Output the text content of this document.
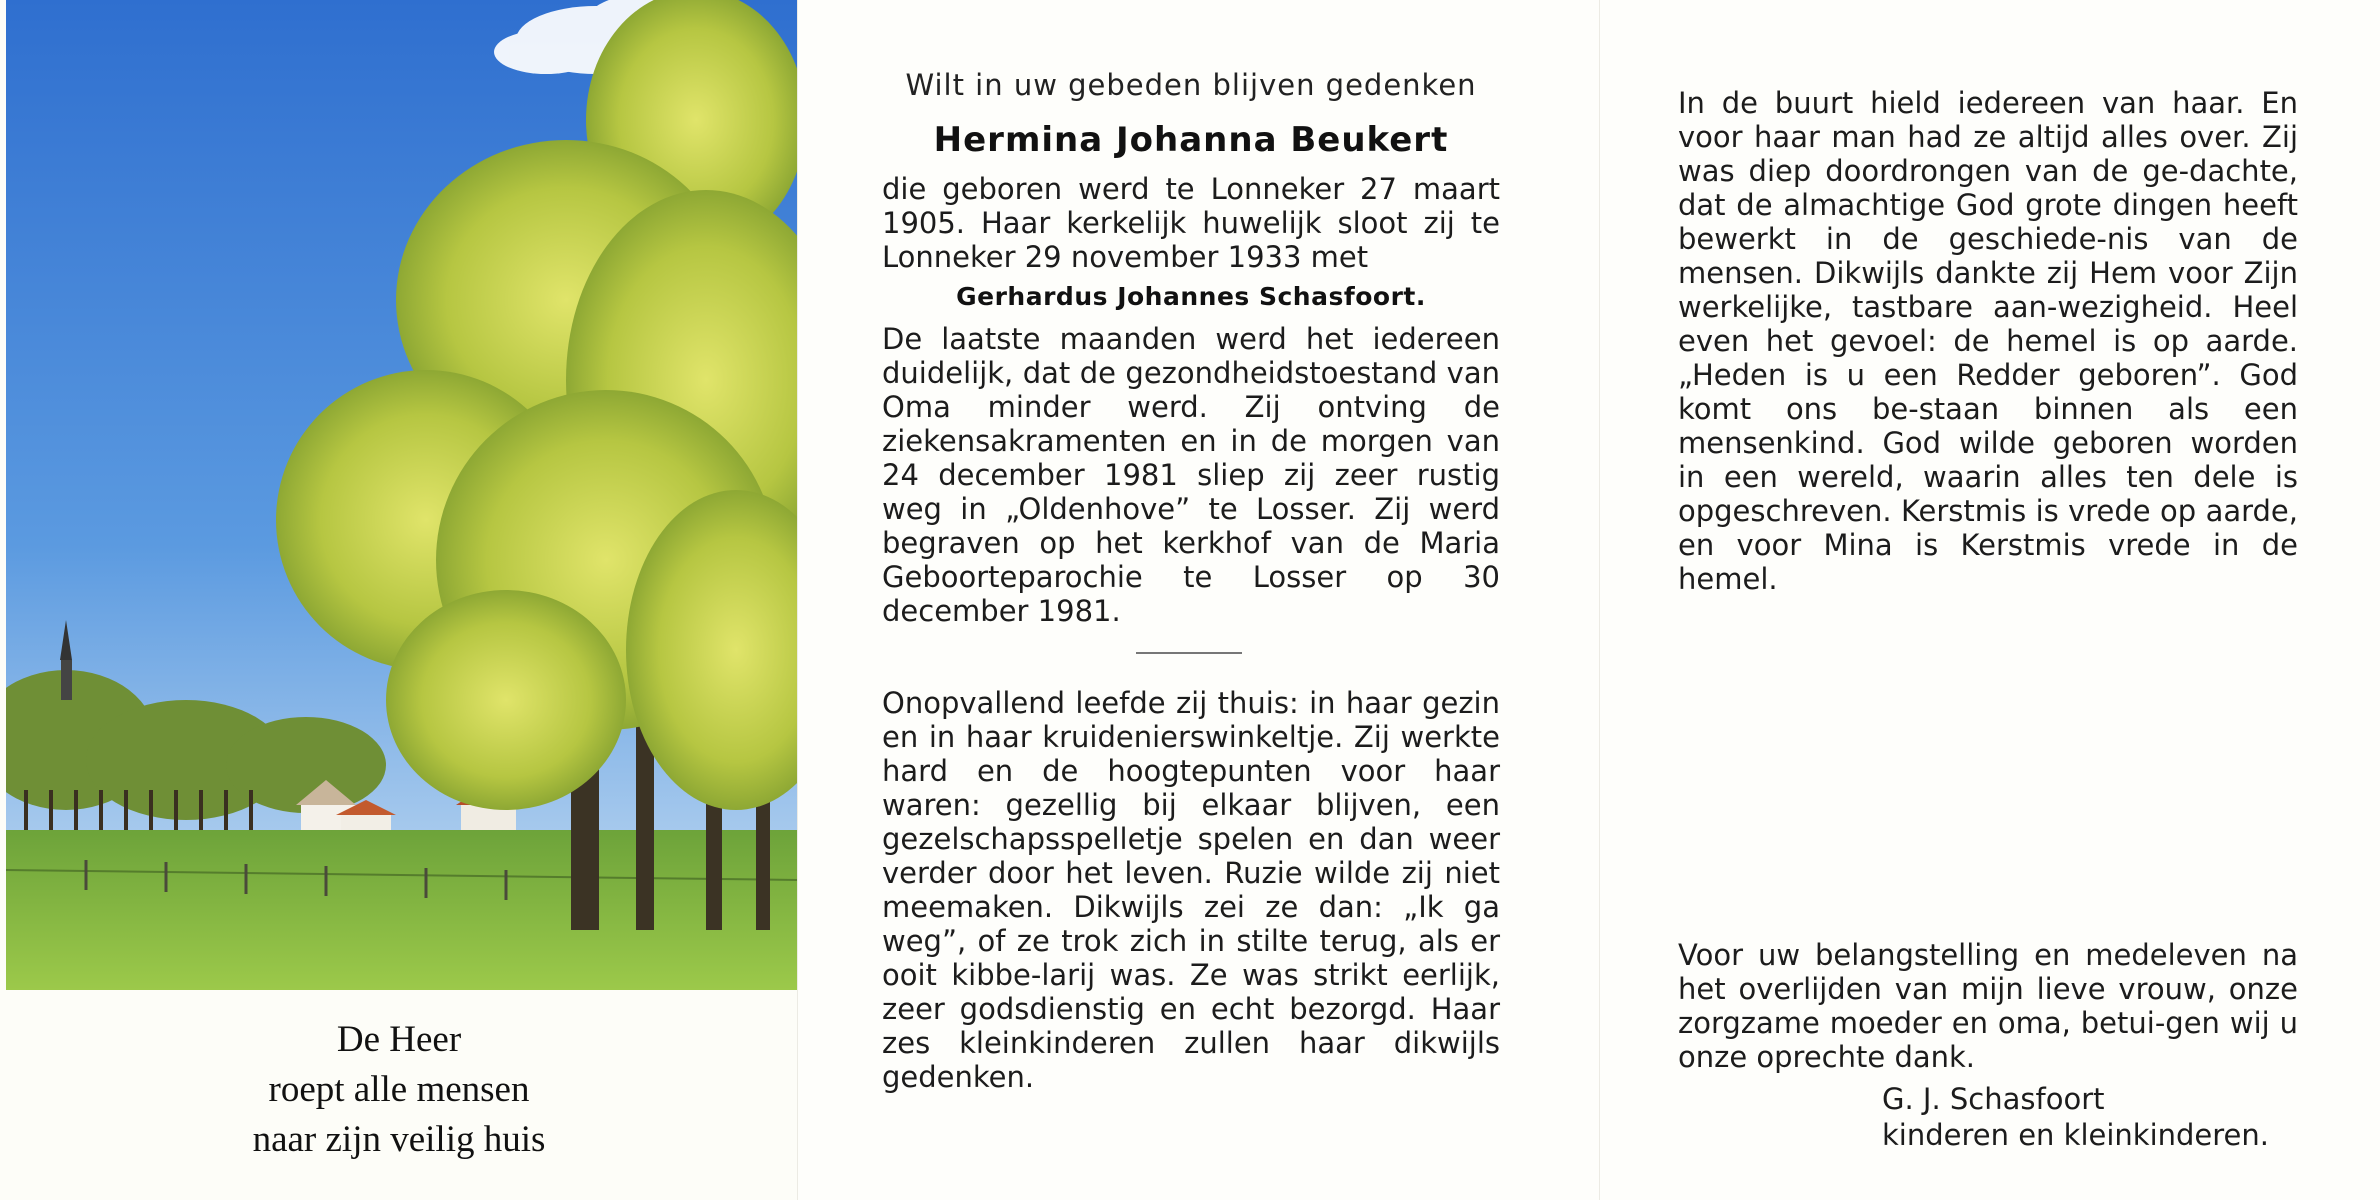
De Heer
roept alle mensen
naar zijn veilig huis
Wilt in uw gebeden blijven gedenken
Hermina Johanna Beukert

die geboren werd te Lonneker 27 maart 1905. Haar kerkelijk huwelijk sloot zij te Lonneker 29 november 1933 met

Gerhardus Johannes Schasfoort.

De laatste maanden werd het iedereen duidelijk, dat de gezondheidstoestand van Oma minder werd. Zij ontving de ziekensakramenten en in de morgen van 24 december 1981 sliep zij zeer rustig weg in „Oldenhove” te Losser. Zij werd begraven op het kerkhof van de Maria Geboorteparochie te Losser op 30 december 1981.

Onopvallend leefde zij thuis: in haar gezin en in haar kruidenierswinkeltje. Zij werkte hard en de hoogtepunten voor haar waren: gezellig bij elkaar blijven, een gezelschapsspelletje spelen en dan weer verder door het leven. Ruzie wilde zij niet meemaken. Dikwijls zei ze dan: „Ik ga weg”, of ze trok zich in stilte terug, als er ooit kibbe-larij was. Ze was strikt eerlijk, zeer godsdienstig en echt bezorgd. Haar zes kleinkinderen zullen haar dikwijls gedenken.

In de buurt hield iedereen van haar. En voor haar man had ze altijd alles over. Zij was diep doordrongen van de ge-dachte, dat de almachtige God grote dingen heeft bewerkt in de geschiede-nis van de mensen. Dikwijls dankte zij Hem voor Zijn werkelijke, tastbare aan-wezigheid. Heel even het gevoel: de hemel is op aarde. „Heden is u een Redder geboren”. God komt ons be-staan binnen als een mensenkind. God wilde geboren worden in een wereld, waarin alles ten dele is opgeschreven. Kerstmis is vrede op aarde, en voor Mina is Kerstmis vrede in de hemel.

Voor uw belangstelling en medeleven na het overlijden van mijn lieve vrouw, onze zorgzame moeder en oma, betui-gen wij u onze oprechte dank.

G. J. Schasfoort
kinderen en kleinkinderen.
